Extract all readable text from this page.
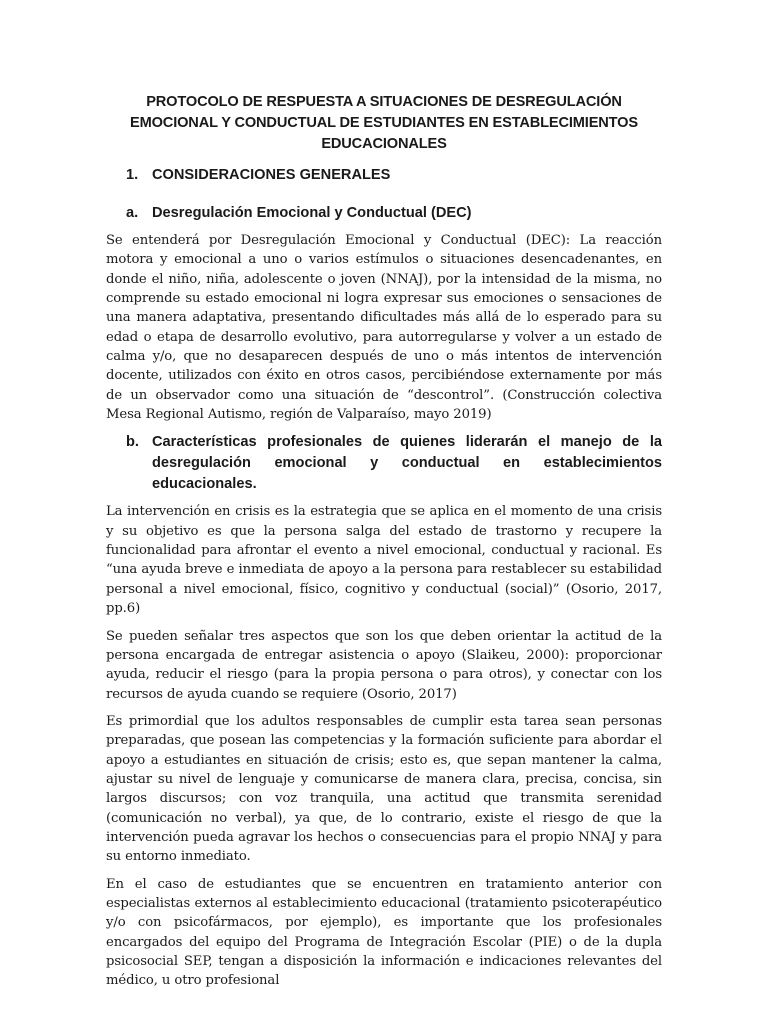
PROTOCOLO DE RESPUESTA A SITUACIONES DE DESREGULACIÓN EMOCIONAL Y CONDUCTUAL DE ESTUDIANTES EN ESTABLECIMIENTOS EDUCACIONALES
1. CONSIDERACIONES GENERALES
a. Desregulación Emocional y Conductual (DEC)

Se entenderá por Desregulación Emocional y Conductual (DEC): La reacción motora y emocional a uno o varios estímulos o situaciones desencadenantes, en donde el niño, niña, adolescente o joven (NNAJ), por la intensidad de la misma, no comprende su estado emocional ni logra expresar sus emociones o sensaciones de una manera adaptativa, presentando dificultades más allá de lo esperado para su edad o etapa de desarrollo evolutivo, para autorregularse y volver a un estado de calma y/o, que no desaparecen después de uno o más intentos de intervención docente, utilizados con éxito en otros casos, percibiéndose externamente por más de un observador como una situación de “descontrol”. (Construcción colectiva Mesa Regional Autismo, región de Valparaíso, mayo 2019)

b. Características profesionales de quienes liderarán el manejo de la desregulación emocional y conductual en establecimientos educacionales.

La intervención en crisis es la estrategia que se aplica en el momento de una crisis y su objetivo es que la persona salga del estado de trastorno y recupere la funcionalidad para afrontar el evento a nivel emocional, conductual y racional. Es “una ayuda breve e inmediata de apoyo a la persona para restablecer su estabilidad personal a nivel emocional, físico, cognitivo y conductual (social)” (Osorio, 2017, pp.6)

Se pueden señalar tres aspectos que son los que deben orientar la actitud de la persona encargada de entregar asistencia o apoyo (Slaikeu, 2000): proporcionar ayuda, reducir el riesgo (para la propia persona o para otros), y conectar con los recursos de ayuda cuando se requiere (Osorio, 2017)

Es primordial que los adultos responsables de cumplir esta tarea sean personas preparadas, que posean las competencias y la formación suficiente para abordar el apoyo a estudiantes en situación de crisis; esto es, que sepan mantener la calma, ajustar su nivel de lenguaje y comunicarse de manera clara, precisa, concisa, sin largos discursos; con voz tranquila, una actitud que transmita serenidad (comunicación no verbal), ya que, de lo contrario, existe el riesgo de que la intervención pueda agravar los hechos o consecuencias para el propio NNAJ y para su entorno inmediato.

En el caso de estudiantes que se encuentren en tratamiento anterior con especialistas externos al establecimiento educacional (tratamiento psicoterapéutico y/o con psicofármacos, por ejemplo), es importante que los profesionales encargados del equipo del Programa de Integración Escolar (PIE) o de la dupla psicosocial SEP, tengan a disposición la información e indicaciones relevantes del médico, u otro profesional
